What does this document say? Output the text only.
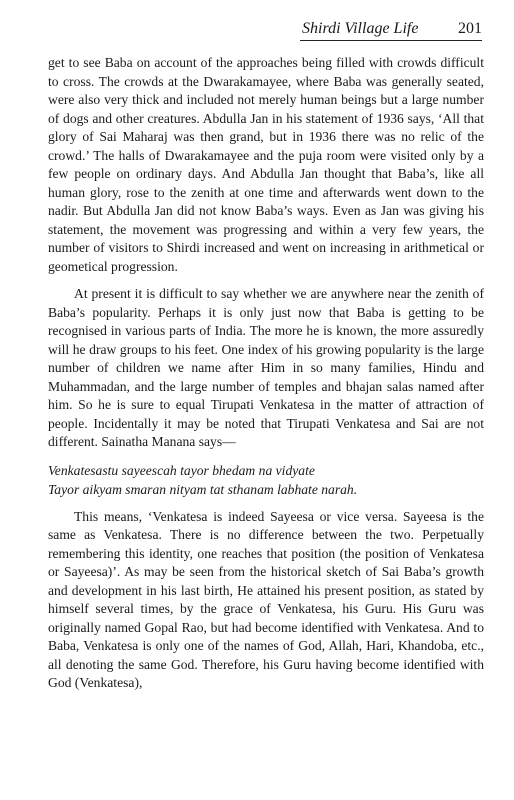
Shirdi Village Life 201

get to see Baba on account of the approaches being filled with crowds difficult to cross. The crowds at the Dwarakamayee, where Baba was generally seated, were also very thick and included not merely human beings but a large number of dogs and other creatures. Abdulla Jan in his statement of 1936 says, ‘All that glory of Sai Maharaj was then grand, but in 1936 there was no relic of the crowd.’ The halls of Dwarakamayee and the puja room were visited only by a few people on ordinary days. And Abdulla Jan thought that Baba’s, like all human glory, rose to the zenith at one time and afterwards went down to the nadir. But Abdulla Jan did not know Baba’s ways. Even as Jan was giving his statement, the movement was progressing and within a very few years, the number of visitors to Shirdi increased and went on increasing in arithmetical or geometical progression.

At present it is difficult to say whether we are anywhere near the zenith of Baba’s popularity. Perhaps it is only just now that Baba is getting to be recognised in various parts of India. The more he is known, the more assuredly will he draw groups to his feet. One index of his growing popularity is the large number of children we name after Him in so many families, Hindu and Muhammadan, and the large number of temples and bhajan salas named after him. So he is sure to equal Tirupati Venkatesa in the matter of attraction of people. Incidentally it may be noted that Tirupati Venkatesa and Sai are not different. Sainatha Manana says—

Venkatesastu sayeescah tayor bhedam na vidyate
Tayor aikyam smaran nityam tat sthanam labhate narah.

This means, ‘Venkatesa is indeed Sayeesa or vice versa. Sayeesa is the same as Venkatesa. There is no difference between the two. Perpetually remembering this identity, one reaches that position (the position of Venkatesa or Sayeesa)’. As may be seen from the historical sketch of Sai Baba’s growth and development in his last birth, He attained his present position, as stated by himself several times, by the grace of Venkatesa, his Guru. His Guru was originally named Gopal Rao, but had become identified with Venkatesa. And to Baba, Venkatesa is only one of the names of God, Allah, Hari, Khandoba, etc., all denoting the same God. Therefore, his Guru having become identified with God (Venkatesa),
